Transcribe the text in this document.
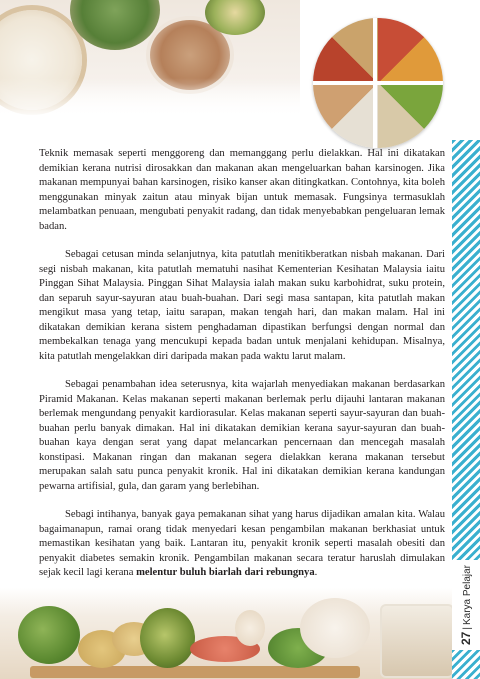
27|Karya Pelajar

Teknik memasak seperti menggoreng dan memanggang perlu dielakkan. Hal ini dikatakan demikian kerana nutrisi dirosakkan dan makanan akan mengeluarkan bahan karsinogen. Jika makanan mempunyai bahan karsinogen, risiko kanser akan ditingkatkan. Contohnya, kita boleh menggunakan minyak zaitun atau minyak bijan untuk memasak. Fungsinya termasuklah melambatkan penuaan, mengubati penyakit radang, dan tidak menyebabkan pengeluaran lemak badan.

Sebagai cetusan minda selanjutnya, kita patutlah menitikberatkan nisbah makanan. Dari segi nisbah makanan, kita patutlah mematuhi nasihat Kementerian Kesihatan Malaysia iaitu Pinggan Sihat Malaysia. Pinggan Sihat Malaysia ialah makan suku karbohidrat, suku protein, dan separuh sayur-sayuran atau buah-buahan. Dari segi masa santapan, kita patutlah makan mengikut masa yang tetap, iaitu sarapan, makan tengah hari, dan makan malam. Hal ini dikatakan demikian kerana sistem penghadaman dipastikan berfungsi dengan normal dan membekalkan tenaga yang mencukupi kepada badan untuk menjalani kehidupan. Misalnya, kita patutlah mengelakkan diri daripada makan pada waktu larut malam.

Sebagai penambahan idea seterusnya, kita wajarlah menyediakan makanan berdasarkan Piramid Makanan. Kelas makanan seperti makanan berlemak perlu dijauhi lantaran makanan berlemak mengundang penyakit kardiorasular. Kelas makanan seperti sayur-sayuran dan buah-buahan perlu banyak dimakan. Hal ini dikatakan demikian kerana sayur-sayuran dan buah-buahan kaya dengan serat yang dapat melancarkan pencernaan dan mencegah masalah konstipasi. Makanan ringan dan makanan segera dielakkan kerana makanan tersebut merupakan salah satu punca penyakit kronik. Hal ini dikatakan demikian kerana kandungan pewarna artifisial, gula, dan garam yang berlebihan.

Sebagi intihanya, banyak gaya pemakanan sihat yang harus dijadikan amalan kita. Walau bagaimanapun, ramai orang tidak menyedari kesan pengambilan makanan berkhasiat untuk memastikan kesihatan yang baik. Lantaran itu, penyakit kronik seperti masalah obesiti dan penyakit diabetes semakin kronik. Pengambilan makanan secara teratur haruslah dimulakan sejak kecil lagi kerana melentur buluh biarlah dari rebungnya.
